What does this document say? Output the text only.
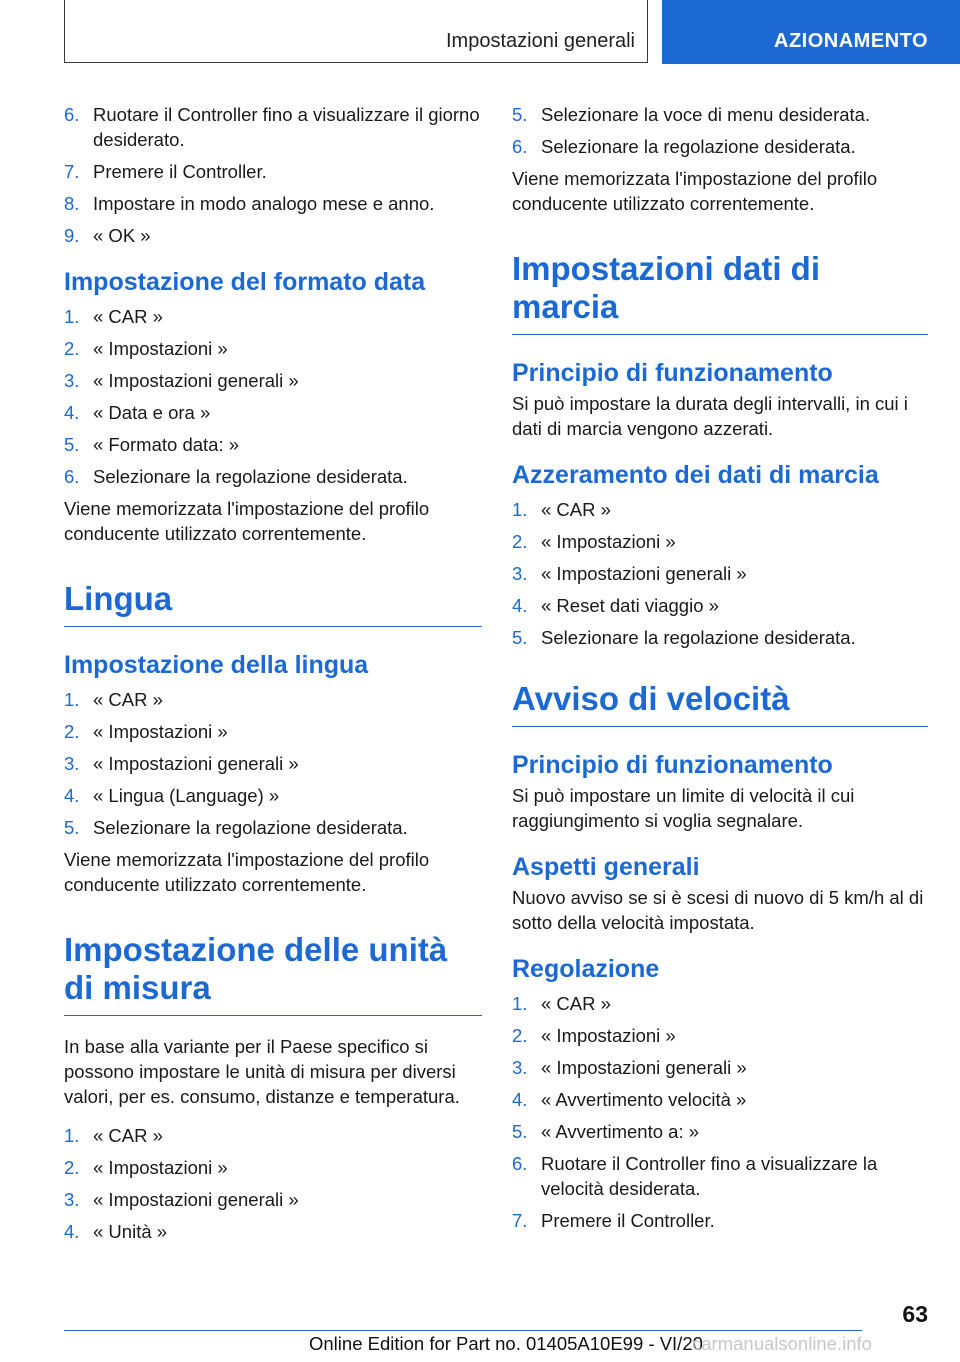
Impostazioni generali	AZIONAMENTO
6. Ruotare il Controller fino a visualizzare il giorno desiderato.
7. Premere il Controller.
8. Impostare in modo analogo mese e anno.
9. « OK »
Impostazione del formato data
1. « CAR »
2. « Impostazioni »
3. « Impostazioni generali »
4. « Data e ora »
5. « Formato data: »
6. Selezionare la regolazione desiderata.

Viene memorizzata l'impostazione del profilo conducente utilizzato correntemente.

Lingua
Impostazione della lingua
1. « CAR »
2. « Impostazioni »
3. « Impostazioni generali »
4. « Lingua (Language) »
5. Selezionare la regolazione desiderata.

Viene memorizzata l'impostazione del profilo conducente utilizzato correntemente.

Impostazione delle unità di misura

In base alla variante per il Paese specifico si possono impostare le unità di misura per diversi valori, per es. consumo, distanze e temperatura.

1. « CAR »
2. « Impostazioni »
3. « Impostazioni generali »
4. « Unità »
5. Selezionare la voce di menu desiderata.
6. Selezionare la regolazione desiderata.

Viene memorizzata l'impostazione del profilo conducente utilizzato correntemente.

Impostazioni dati di marcia
Principio di funzionamento

Si può impostare la durata degli intervalli, in cui i dati di marcia vengono azzerati.

Azzeramento dei dati di marcia
1. « CAR »
2. « Impostazioni »
3. « Impostazioni generali »
4. « Reset dati viaggio »
5. Selezionare la regolazione desiderata.
Avviso di velocità
Principio di funzionamento

Si può impostare un limite di velocità il cui raggiungimento si voglia segnalare.

Aspetti generali

Nuovo avviso se si è scesi di nuovo di 5 km/h al di sotto della velocità impostata.

Regolazione
1. « CAR »
2. « Impostazioni »
3. « Impostazioni generali »
4. « Avvertimento velocità »
5. « Avvertimento a: »
6. Ruotare il Controller fino a visualizzare la velocità desiderata.
7. Premere il Controller.
63
Online Edition for Part no. 01405A10E99 - VI/20
carmanualsonline.info
